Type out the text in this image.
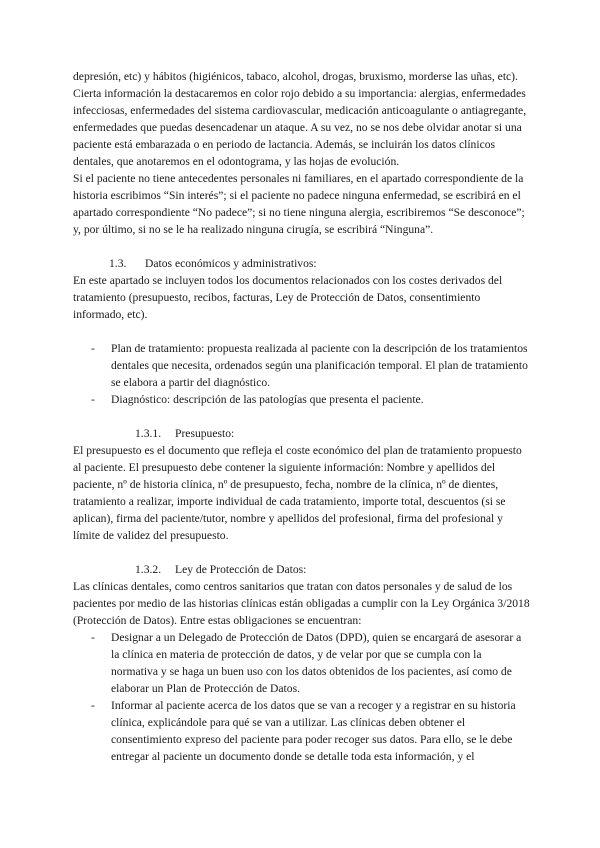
depresión, etc) y hábitos (higiénicos, tabaco, alcohol, drogas, bruxismo, morderse las uñas, etc).

Cierta información la destacaremos en color rojo debido a su importancia: alergias, enfermedades infecciosas, enfermedades del sistema cardiovascular, medicación anticoagulante o antiagregante, enfermedades que puedas desencadenar un ataque. A su vez, no se nos debe olvidar anotar si una paciente está embarazada o en periodo de lactancia. Además, se incluirán los datos clínicos dentales, que anotaremos en el odontograma, y las hojas de evolución.

Si el paciente no tiene antecedentes personales ni familiares, en el apartado correspondiente de la historia escribimos “Sin interés”; si el paciente no padece ninguna enfermedad, se escribirá en el apartado correspondiente “No padece”; si no tiene ninguna alergia, escribiremos “Se desconoce”; y, por último, si no se le ha realizado ninguna cirugía, se escribirá “Ninguna”.

1.3.	Datos económicos y administrativos:

En este apartado se incluyen todos los documentos relacionados con los costes derivados del tratamiento (presupuesto, recibos, facturas, Ley de Protección de Datos, consentimiento informado, etc).

- Plan de tratamiento: propuesta realizada al paciente con la descripción de los tratamientos dentales que necesita, ordenados según una planificación temporal. El plan de tratamiento se elabora a partir del diagnóstico.
- Diagnóstico: descripción de las patologías que presenta el paciente.
1.3.1.	Presupuesto:

El presupuesto es el documento que refleja el coste económico del plan de tratamiento propuesto al paciente. El presupuesto debe contener la siguiente información: Nombre y apellidos del paciente, nº de historia clínica, nº de presupuesto, fecha, nombre de la clínica, nº de dientes, tratamiento a realizar, importe individual de cada tratamiento, importe total, descuentos (si se aplican), firma del paciente/tutor, nombre y apellidos del profesional, firma del profesional y límite de validez del presupuesto.

1.3.2.	Ley de Protección de Datos:

Las clínicas dentales, como centros sanitarios que tratan con datos personales y de salud de los pacientes por medio de las historias clínicas están obligadas a cumplir con la Ley Orgánica 3/2018 (Protección de Datos). Entre estas obligaciones se encuentran:

- Designar a un Delegado de Protección de Datos (DPD), quien se encargará de asesorar a la clínica en materia de protección de datos, y de velar por que se cumpla con la normativa y se haga un buen uso con los datos obtenidos de los pacientes, así como de elaborar un Plan de Protección de Datos.
- Informar al paciente acerca de los datos que se van a recoger y a registrar en su historia clínica, explicándole para qué se van a utilizar. Las clínicas deben obtener el consentimiento expreso del paciente para poder recoger sus datos. Para ello, se le debe entregar al paciente un documento donde se detalle toda esta información, y el
